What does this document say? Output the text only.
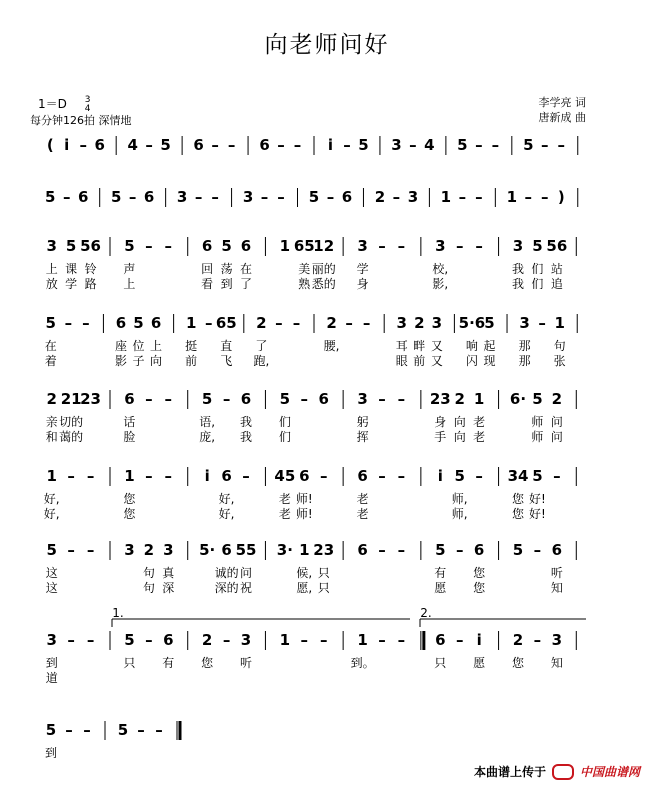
向老师问好
1＝D 3
4
每分钟126拍 深情地
李学亮 词
唐新成 曲
( i – 6 4 – 5 6 – – 6 – – i – 5 3 – 4 5 – – 5 – –
5 – 6 5 – 6 3 – – 3 – – 5 – 6 2 – 3 1 – – 1 – – )
3 5 56 5 – – 6 5 6 1 65
12 3 – – 3 – – 3 5 56
上 课 铃 声	回 荡 在	美 丽的 学	校,	我 们 站
放 学 路 上	看 到 了	熟 悉的 身	影,	我 们 追
5 – – 6 5 6 1 – 65 2 – – 2 – – 3 2 3 5·6 5 3 – 1
在	座 位 上 挺 直 了	腰,	耳 畔 又 响 起 那 句
着	影 子 向 前 飞 跑,	眼 前 又 闪 现 那 张
2 21
23 6 – – 5 – 6 5 – 6 3 – – 23 2 1 6· 5 2
亲 切的	话	语, 我 们	躬	身 向 老	师 问
和 蔼的	脸	庞, 我 们	挥	手 向 老	师 问
1 – – 1 – – i 6 – 45 6 – 6 – – i 5 – 34 5 –
好,	您	好,	老 师!	老	师,	您 好!
好,	您	好,	老 师!	老	师,	您 好!
5 – – 3 2 3 5· 6 55 3· 1 23 6 – – 5 – 6 5 – 6
这	句 真	诚的 问	候, 只	有 您	听
这	句 深	深的 祝	愿, 只	愿 您	知
3 – – 5 – 6 2 – 3 1 – – 1 – – 6 – i 2 – 3
到	只 有 您 听	到。	只 愿 您 知
道
1.	2.
5 – – 5 – –
到
本曲谱上传于	中国曲谱网
